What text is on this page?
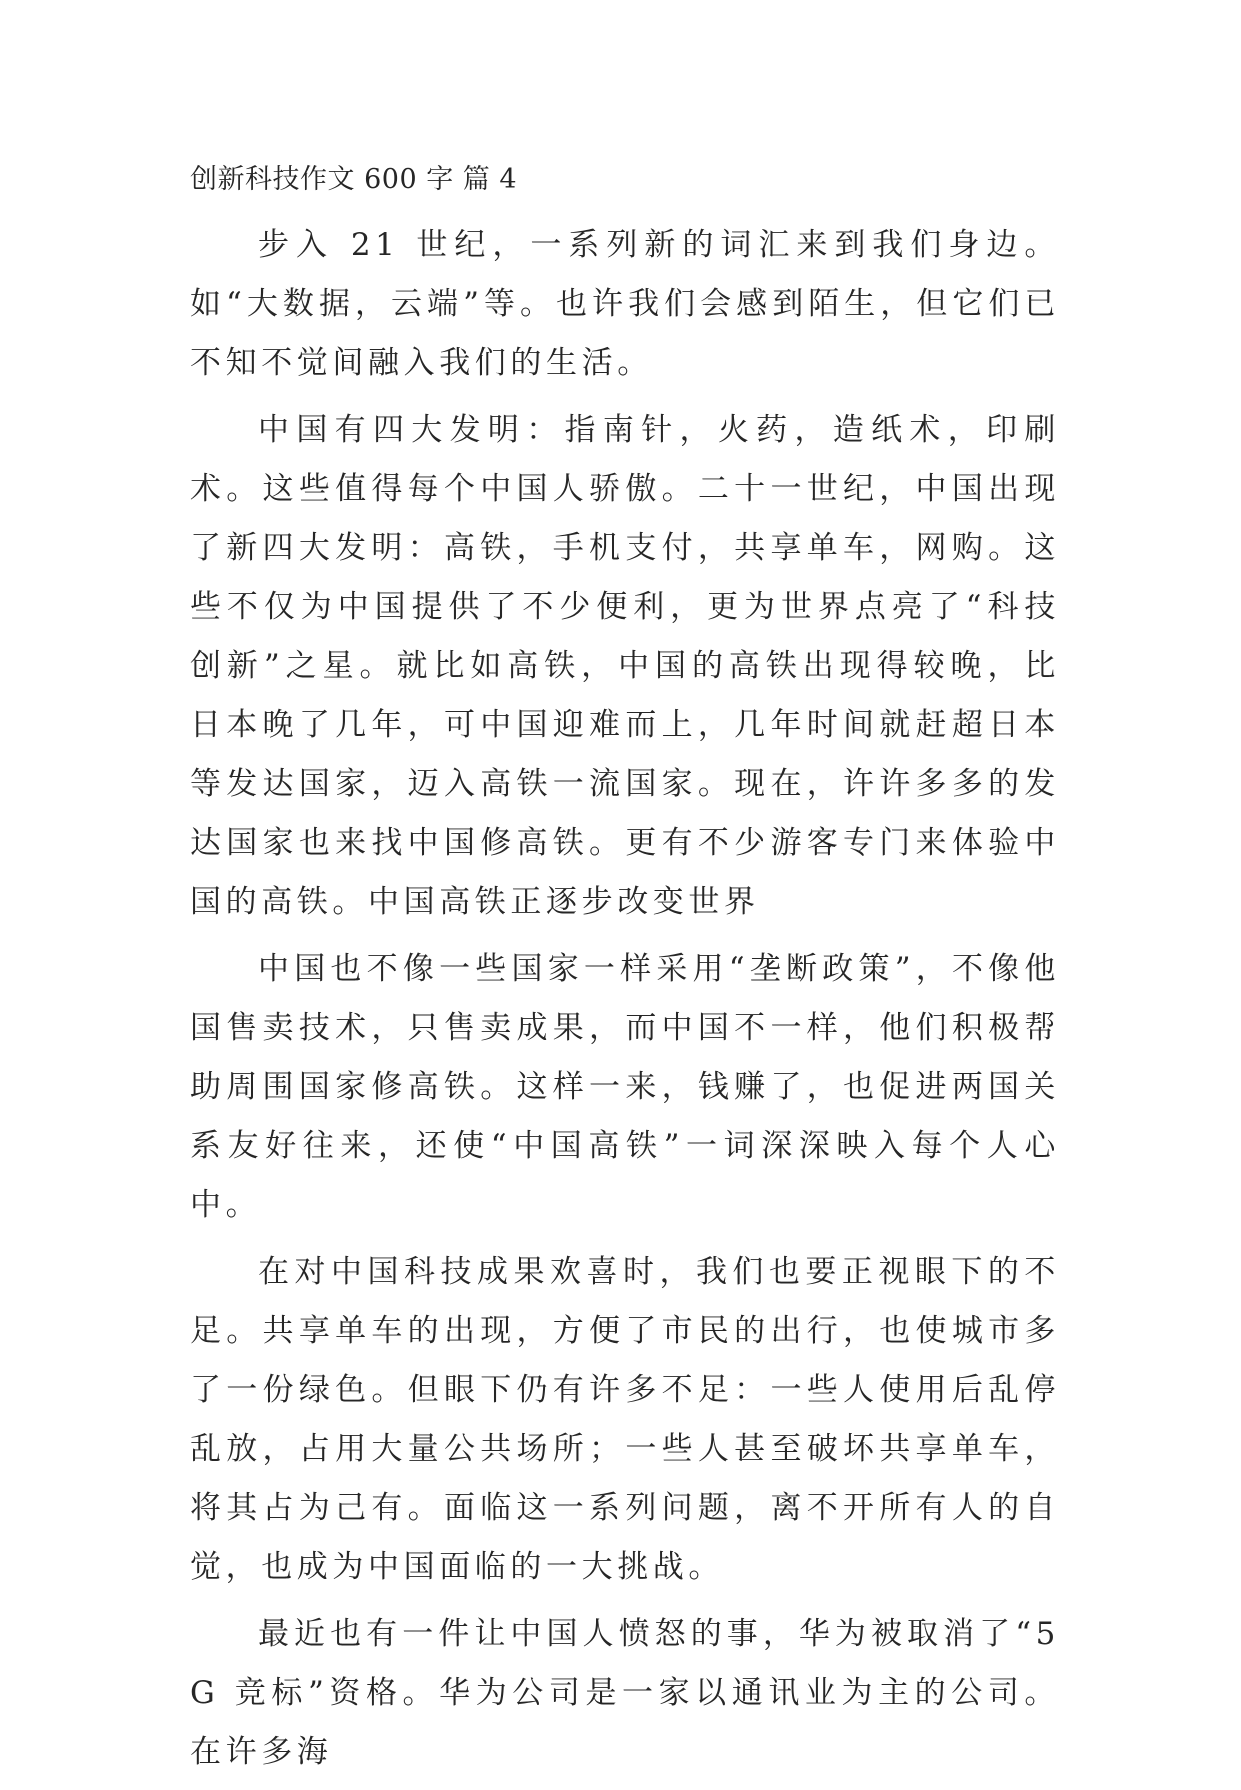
创新科技作文 600 字 篇 4

步入 21 世纪，一系列新的词汇来到我们身边。如“大数据，云端”等。也许我们会感到陌生，但它们已不知不觉间融入我们的生活。

中国有四大发明：指南针，火药，造纸术，印刷术。这些值得每个中国人骄傲。二十一世纪，中国出现了新四大发明：高铁，手机支付，共享单车，网购。这些不仅为中国提供了不少便利，更为世界点亮了“科技创新”之星。就比如高铁，中国的高铁出现得较晚，比日本晚了几年，可中国迎难而上，几年时间就赶超日本等发达国家，迈入高铁一流国家。现在，许许多多的发达国家也来找中国修高铁。更有不少游客专门来体验中国的高铁。中国高铁正逐步改变世界

中国也不像一些国家一样采用“垄断政策”，不像他国售卖技术，只售卖成果，而中国不一样，他们积极帮助周围国家修高铁。这样一来，钱赚了，也促进两国关系友好往来，还使“中国高铁”一词深深映入每个人心中。

在对中国科技成果欢喜时，我们也要正视眼下的不足。共享单车的出现，方便了市民的出行，也使城市多了一份绿色。但眼下仍有许多不足：一些人使用后乱停乱放，占用大量公共场所；一些人甚至破坏共享单车，将其占为己有。面临这一系列问题，离不开所有人的自觉，也成为中国面临的一大挑战。

最近也有一件让中国人愤怒的事，华为被取消了“5G 竞标”资格。华为公司是一家以通讯业为主的公司。在许多海
